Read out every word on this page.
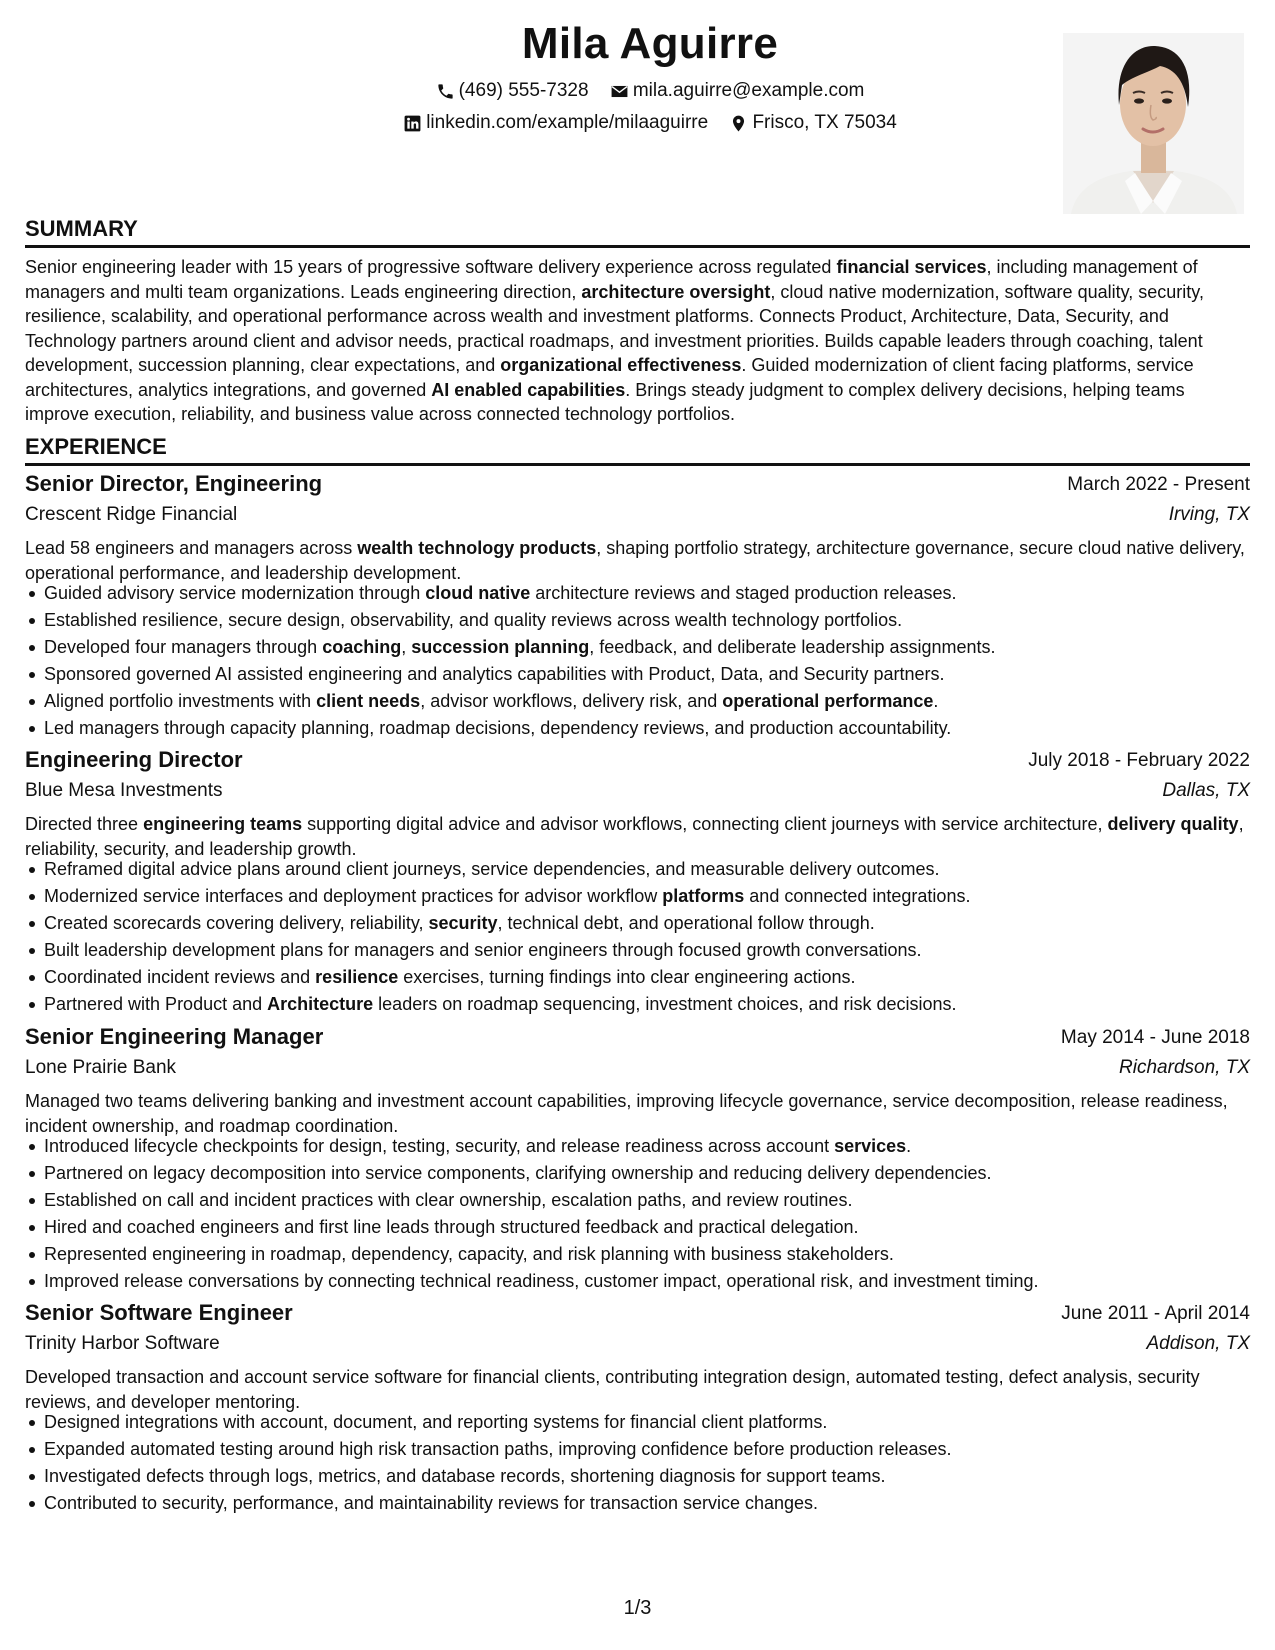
Mila Aguirre
(469) 555-7328
mila.aguirre@example.com
linkedin.com/example/milaaguirre
Frisco, TX 75034
SUMMARY
Senior engineering leader with 15 years of progressive software delivery experience across regulated financial services, including management of managers and multi team organizations. Leads engineering direction, architecture oversight, cloud native modernization, software quality, security, resilience, scalability, and operational performance across wealth and investment platforms. Connects Product, Architecture, Data, Security, and Technology partners around client and advisor needs, practical roadmaps, and investment priorities. Builds capable leaders through coaching, talent development, succession planning, clear expectations, and organizational effectiveness. Guided modernization of client facing platforms, service architectures, analytics integrations, and governed AI enabled capabilities. Brings steady judgment to complex delivery decisions, helping teams improve execution, reliability, and business value across connected technology portfolios.
EXPERIENCE
Senior Director, Engineering	March 2022 - Present
Crescent Ridge Financial	Irving, TX
Lead 58 engineers and managers across wealth technology products, shaping portfolio strategy, architecture governance, secure cloud native delivery, operational performance, and leadership development.
Guided advisory service modernization through cloud native architecture reviews and staged production releases.
Established resilience, secure design, observability, and quality reviews across wealth technology portfolios.
Developed four managers through coaching, succession planning, feedback, and deliberate leadership assignments.
Sponsored governed AI assisted engineering and analytics capabilities with Product, Data, and Security partners.
Aligned portfolio investments with client needs, advisor workflows, delivery risk, and operational performance.
Led managers through capacity planning, roadmap decisions, dependency reviews, and production accountability.
Engineering Director	July 2018 - February 2022
Blue Mesa Investments	Dallas, TX
Directed three engineering teams supporting digital advice and advisor workflows, connecting client journeys with service architecture, delivery quality, reliability, security, and leadership growth.
Reframed digital advice plans around client journeys, service dependencies, and measurable delivery outcomes.
Modernized service interfaces and deployment practices for advisor workflow platforms and connected integrations.
Created scorecards covering delivery, reliability, security, technical debt, and operational follow through.
Built leadership development plans for managers and senior engineers through focused growth conversations.
Coordinated incident reviews and resilience exercises, turning findings into clear engineering actions.
Partnered with Product and Architecture leaders on roadmap sequencing, investment choices, and risk decisions.
Senior Engineering Manager	May 2014 - June 2018
Lone Prairie Bank	Richardson, TX
Managed two teams delivering banking and investment account capabilities, improving lifecycle governance, service decomposition, release readiness, incident ownership, and roadmap coordination.
Introduced lifecycle checkpoints for design, testing, security, and release readiness across account services.
Partnered on legacy decomposition into service components, clarifying ownership and reducing delivery dependencies.
Established on call and incident practices with clear ownership, escalation paths, and review routines.
Hired and coached engineers and first line leads through structured feedback and practical delegation.
Represented engineering in roadmap, dependency, capacity, and risk planning with business stakeholders.
Improved release conversations by connecting technical readiness, customer impact, operational risk, and investment timing.
Senior Software Engineer	June 2011 - April 2014
Trinity Harbor Software	Addison, TX
Developed transaction and account service software for financial clients, contributing integration design, automated testing, defect analysis, security reviews, and developer mentoring.
Designed integrations with account, document, and reporting systems for financial client platforms.
Expanded automated testing around high risk transaction paths, improving confidence before production releases.
Investigated defects through logs, metrics, and database records, shortening diagnosis for support teams.
Contributed to security, performance, and maintainability reviews for transaction service changes.
1/3
